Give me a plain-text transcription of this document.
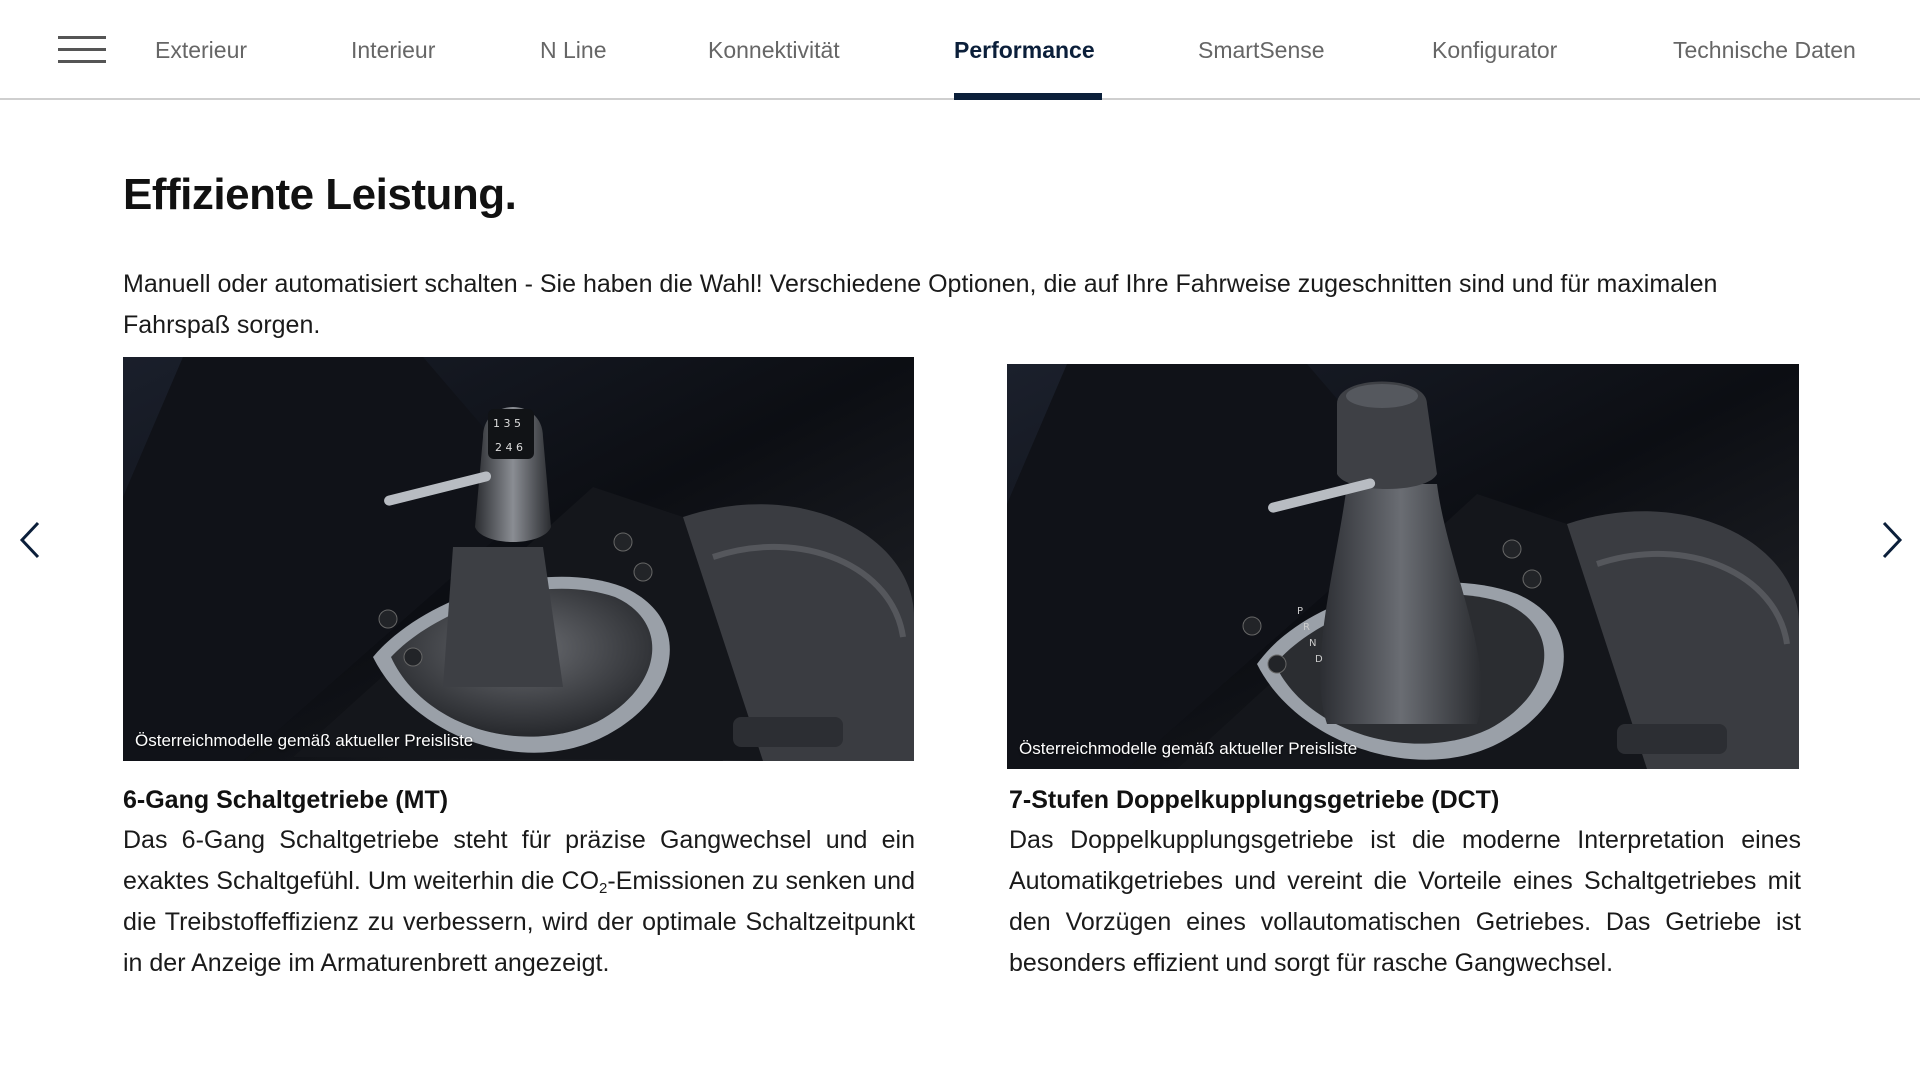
Exterieur	Interieur	N Line	Konnektivität	Performance	SmartSense	Konfigurator	Technische Daten
Effiziente Leistung.

Manuell oder automatisiert schalten - Sie haben die Wahl! Verschiedene Optionen, die auf Ihre Fahrweise zugeschnitten sind und für maximalen Fahrspaß sorgen.

1 3 5
2 4 6
Österreichmodelle gemäß aktueller Preisliste
6-Gang Schaltgetriebe (MT)

Das 6-Gang Schaltgetriebe steht für präzise Gangwechsel und ein exaktes Schaltgefühl. Um weiterhin die $CO_2$-Emissionen zu senken und die Treibstoffeffizienz zu verbessern, wird der optimale Schaltzeitpunkt in der Anzeige im Armaturenbrett angezeigt.

P
R
N
D
Österreichmodelle gemäß aktueller Preisliste
7-Stufen Doppelkupplungsgetriebe (DCT)

Das Doppelkupplungsgetriebe ist die moderne Interpretation eines Automatikgetriebes und vereint die Vorteile eines Schaltgetriebes mit den Vorzügen eines vollautomatischen Getriebes. Das Getriebe ist besonders effizient und sorgt für rasche Gangwechsel.
